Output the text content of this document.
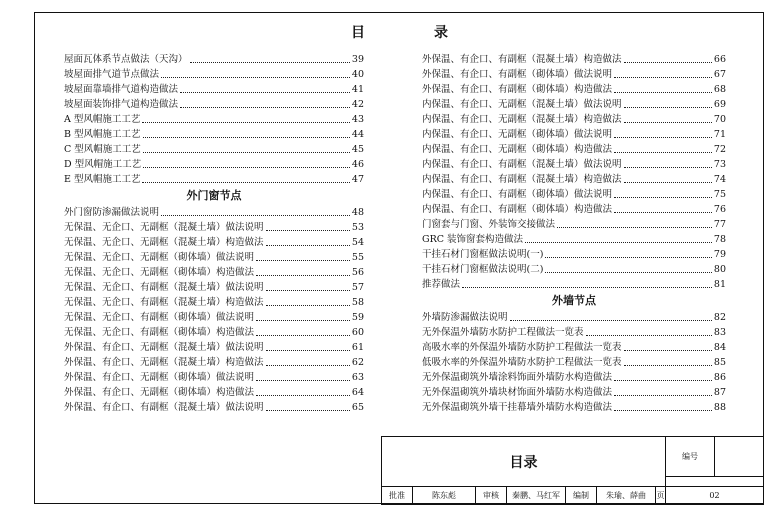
目	录
屋面瓦体系节点做法（天沟）	39
坡屋面排气道节点做法	40
坡屋面靠墙排气道构造做法	41
坡屋面装饰排气道构造做法	42
A 型风帽施工工艺	43
B 型风帽施工工艺	44
C 型风帽施工工艺	45
D 型风帽施工工艺	46
E 型风帽施工工艺	47
外门窗节点
外门窗防渗漏做法说明	48
无保温、无企口、无副框（混凝土墙）做法说明	53
无保温、无企口、无副框（混凝土墙）构造做法	54
无保温、无企口、无副框（砌体墙）做法说明	55
无保温、无企口、无副框（砌体墙）构造做法	56
无保温、无企口、有副框（混凝土墙）做法说明	57
无保温、无企口、有副框（混凝土墙）构造做法	58
无保温、无企口、有副框（砌体墙）做法说明	59
无保温、无企口、有副框（砌体墙）构造做法	60
外保温、有企口、无副框（混凝土墙）做法说明	61
外保温、有企口、无副框（混凝土墙）构造做法	62
外保温、有企口、无副框（砌体墙）做法说明	63
外保温、有企口、无副框（砌体墙）构造做法	64
外保温、有企口、有副框（混凝土墙）做法说明	65
外保温、有企口、有副框（混凝土墙）构造做法	66
外保温、有企口、有副框（砌体墙）做法说明	67
外保温、有企口、有副框（砌体墙）构造做法	68
内保温、有企口、无副框（混凝土墙）做法说明	69
内保温、有企口、无副框（混凝土墙）构造做法	70
内保温、有企口、无副框（砌体墙）做法说明	71
内保温、有企口、无副框（砌体墙）构造做法	72
内保温、有企口、有副框（混凝土墙）做法说明	73
内保温、有企口、有副框（混凝土墙）构造做法	74
内保温、有企口、有副框（砌体墙）做法说明	75
内保温、有企口、有副框（砌体墙）构造做法	76
门窗套与门窗、外装饰交接做法	77
GRC 装饰窗套构造做法	78
干挂石材门窗框做法说明(一)	79
干挂石材门窗框做法说明(二)	80
推荐做法	81
外墙节点
外墙防渗漏做法说明	82
无外保温外墙防水防护工程做法一览表	83
高吸水率的外保温外墙防水防护工程做法一览表	84
低吸水率的外保温外墙防水防护工程做法一览表	85
无外保温砌筑外墙涂料饰面外墙防水构造做法	86
无外保温砌筑外墙块材饰面外墙防水构造做法	87
无外保温砌筑外墙干挂幕墙外墙防水构造做法	88
目录							编号	

批准	陈东彪	审核	秦鹏、马红军	编制	朱瑜、薛曲	页	02	
